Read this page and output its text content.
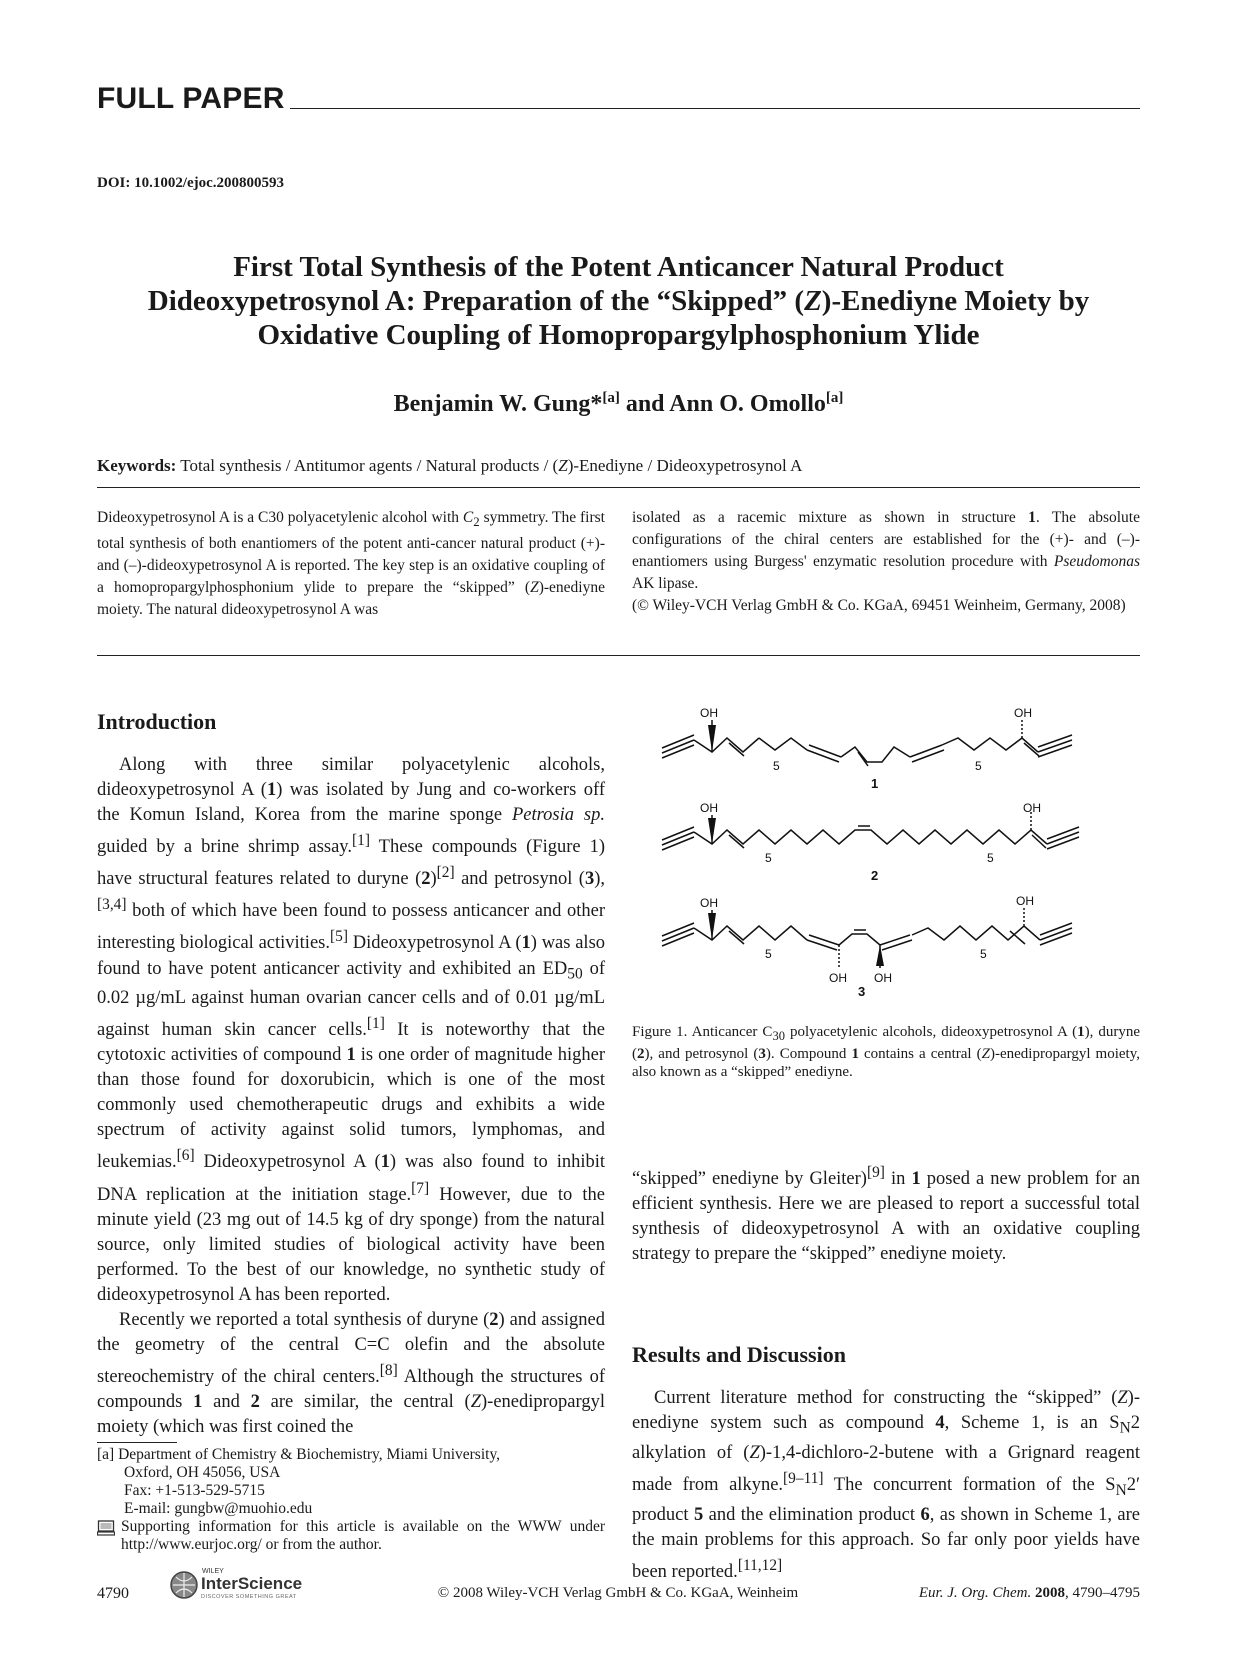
FULL PAPER
DOI: 10.1002/ejoc.200800593
First Total Synthesis of the Potent Anticancer Natural Product
Dideoxypetrosynol A: Preparation of the “Skipped” (Z)-Enediyne Moiety by
Oxidative Coupling of Homopropargylphosphonium Ylide
Benjamin W. Gung*[a] and Ann O. Omollo[a]
Keywords: Total synthesis / Antitumor agents / Natural products / (Z)-Enediyne / Dideoxypetrosynol A
Dideoxypetrosynol A is a C30 polyacetylenic alcohol with $C_2$ symmetry. The first total synthesis of both enantiomers of the potent anti-cancer natural product (+)- and (–)-dideoxypetrosynol A is reported. The key step is an oxidative coupling of a homopropargylphosphonium ylide to prepare the “skipped” (Z)-enediyne moiety. The natural dideoxypetrosynol A was
isolated as a racemic mixture as shown in structure 1. The absolute configurations of the chiral centers are established for the (+)- and (–)-enantiomers using Burgess' enzymatic resolution procedure with Pseudomonas AK lipase.
(© Wiley-VCH Verlag GmbH & Co. KGaA, 69451 Weinheim, Germany, 2008)
Introduction

Along with three similar polyacetylenic alcohols, dideoxypetrosynol A (1) was isolated by Jung and co-workers off the Komun Island, Korea from the marine sponge Petrosia sp. guided by a brine shrimp assay.[1] These compounds (Figure 1) have structural features related to duryne (2)[2] and petrosynol (3),[3,4] both of which have been found to possess anticancer and other interesting biological activities.[5] Dideoxypetrosynol A (1) was also found to have potent anticancer activity and exhibited an $ED_{50}$ of 0.02 µg/mL against human ovarian cancer cells and of 0.01 µg/mL against human skin cancer cells.[1] It is noteworthy that the cytotoxic activities of compound 1 is one order of magnitude higher than those found for doxorubicin, which is one of the most commonly used chemotherapeutic drugs and exhibits a wide spectrum of activity against solid tumors, lymphomas, and leukemias.[6] Dideoxypetrosynol A (1) was also found to inhibit DNA replication at the initiation stage.[7] However, due to the minute yield (23 mg out of 14.5 kg of dry sponge) from the natural source, only limited studies of biological activity have been performed. To the best of our knowledge, no synthetic study of dideoxypetrosynol A has been reported.

Recently we reported a total synthesis of duryne (2) and assigned the geometry of the central C=C olefin and the absolute stereochemistry of the chiral centers.[8] Although the structures of compounds 1 and 2 are similar, the central (Z)-enedipropargyl moiety (which was first coined the

OH	OH
5	5
1
OH	OH
5	5
2
OH	OH
OH OH
5	5
3
Figure 1. Anticancer $C_{30}$ polyacetylenic alcohols, dideoxypetrosynol A (1), duryne (2), and petrosynol (3). Compound 1 contains a central (Z)-enedipropargyl moiety, also known as a “skipped” enediyne.

“skipped” enediyne by Gleiter)[9] in 1 posed a new problem for an efficient synthesis. Here we are pleased to report a successful total synthesis of dideoxypetrosynol A with an oxidative coupling strategy to prepare the “skipped” enediyne moiety.

Results and Discussion

Current literature method for constructing the “skipped” (Z)-enediyne system such as compound 4, Scheme 1, is an $S_N2$ alkylation of (Z)-1,4-dichloro-2-butene with a Grignard reagent made from alkyne.[9–11] The concurrent formation of the $S_N2'$ product 5 and the elimination product 6, as shown in Scheme 1, are the main problems for this approach. So far only poor yields have been reported.[11,12]

[a] Department of Chemistry & Biochemistry, Miami University,

Oxford, OH 45056, USA

Fax: +1-513-529-5715

E-mail: gungbw@muohio.edu

Supporting information for this article is available on the WWW under http://www.eurjoc.org/ or from the author.
4790
WILEY
InterScience
DISCOVER SOMETHING GREAT	© 2008 Wiley-VCH Verlag GmbH & Co. KGaA, Weinheim	Eur. J. Org. Chem. 2008, 4790–4795
